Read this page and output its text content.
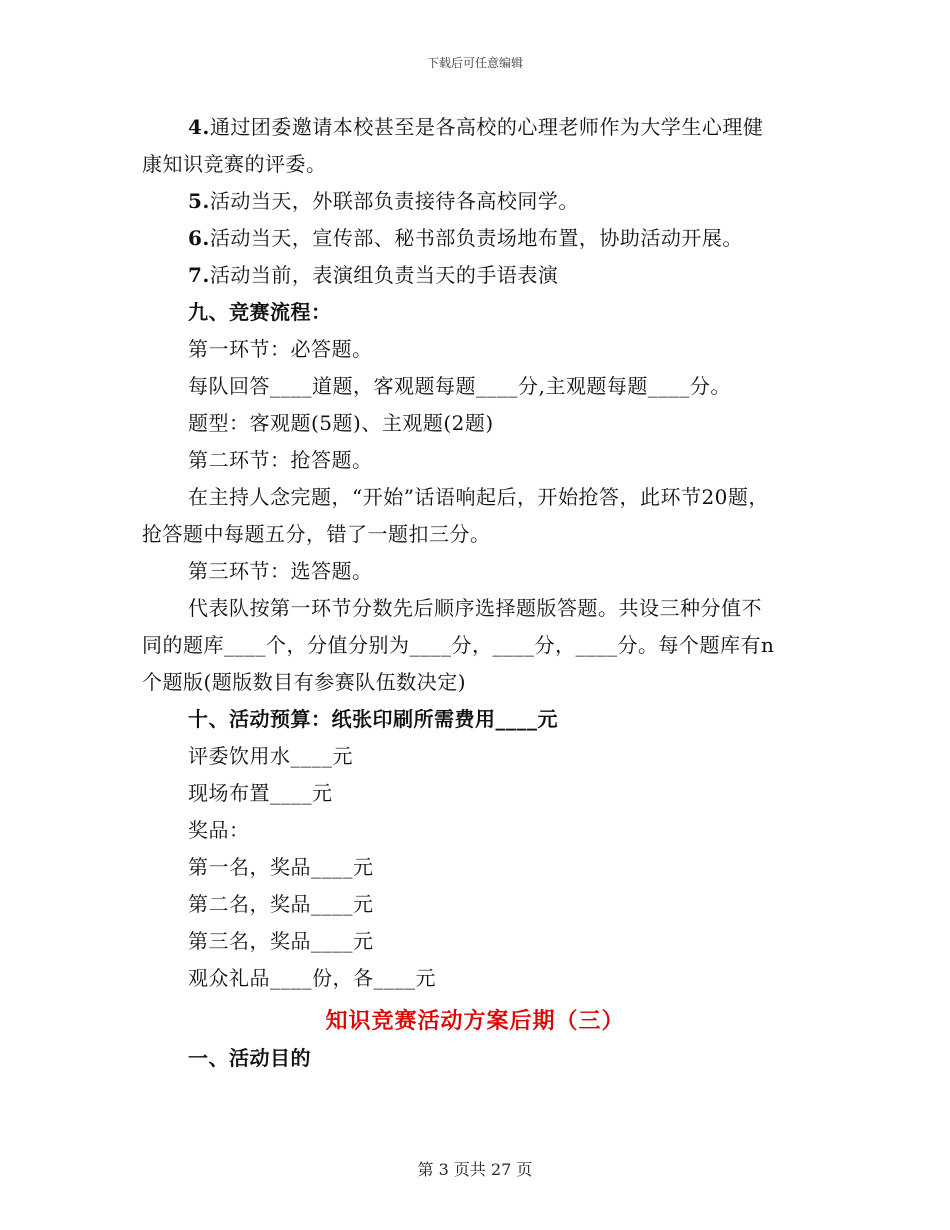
下载后可任意编辑
4.通过团委邀请本校甚至是各高校的心理老师作为大学生心理健
康知识竞赛的评委。
5.活动当天，外联部负责接待各高校同学。
6.活动当天，宣传部、秘书部负责场地布置，协助活动开展。
7.活动当前，表演组负责当天的手语表演
九、竞赛流程：
第一环节：必答题。
每队回答____道题，客观题每题____分,主观题每题____分。
题型：客观题(5题)、主观题(2题)
第二环节：抢答题。
在主持人念完题，“开始”话语响起后，开始抢答，此环节20题，
抢答题中每题五分，错了一题扣三分。
第三环节：选答题。
代表队按第一环节分数先后顺序选择题版答题。共设三种分值不
同的题库____个，分值分别为____分，____分，____分。每个题库有n
个题版(题版数目有参赛队伍数决定)
十、活动预算：纸张印刷所需费用____元
评委饮用水____元
现场布置____元
奖品：
第一名，奖品____元
第二名，奖品____元
第三名，奖品____元
观众礼品____份，各____元
知识竞赛活动方案后期（三）
一、活动目的
第 3 页共 27 页
